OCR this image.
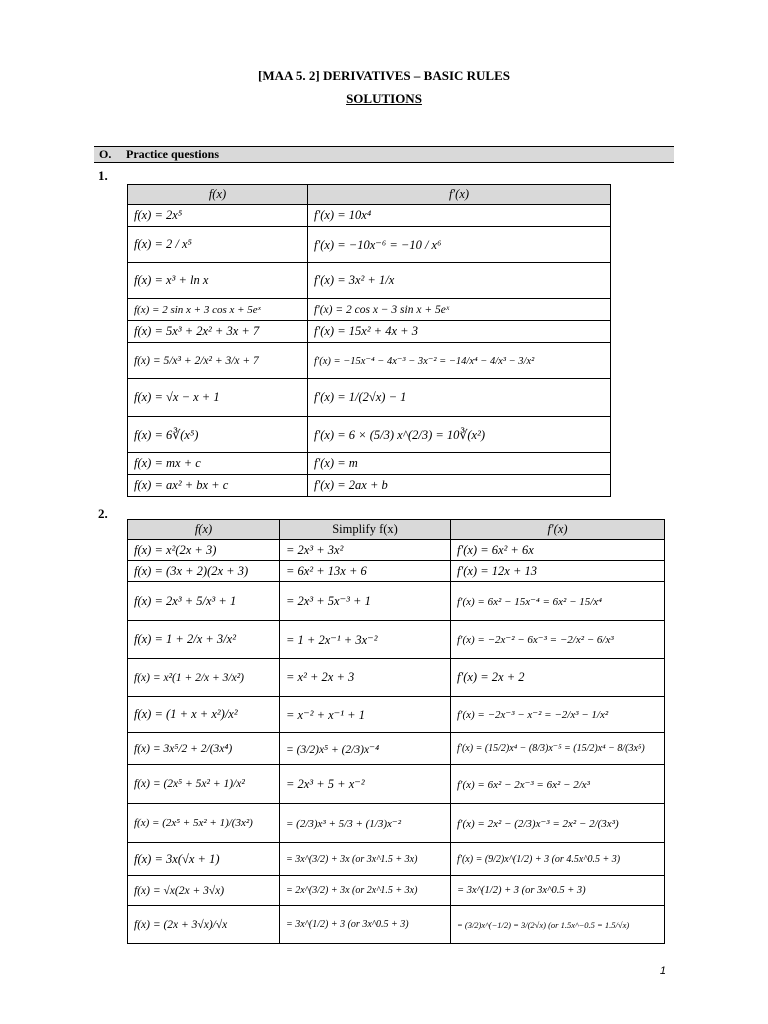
[MAA 5. 2] DERIVATIVES – BASIC RULES
SOLUTIONS
O. Practice questions
1.
f(x)	f′(x)
f(x) = 2x⁵	f′(x) = 10x⁴
f(x) = 2 / x⁵	f′(x) = −10x⁻⁶ = −10 / x⁶
f(x) = x³ + ln x	f′(x) = 3x² + 1/x
f(x) = 2 sin x + 3 cos x + 5eˣ	f′(x) = 2 cos x − 3 sin x + 5eˣ
f(x) = 5x³ + 2x² + 3x + 7	f′(x) = 15x² + 4x + 3
f(x) = 5/x³ + 2/x² + 3/x + 7	f′(x) = −15x⁻⁴ − 4x⁻³ − 3x⁻² = −14/x⁴ − 4/x³ − 3/x²
f(x) = √x − x + 1	f′(x) = 1/(2√x) − 1
f(x) = 6∛(x⁵)	f′(x) = 6 × (5/3) x^(2/3) = 10∛(x²)
f(x) = mx + c	f′(x) = m
f(x) = ax² + bx + c	f′(x) = 2ax + b
2.
f(x)	Simplify f(x)	f′(x)
f(x) = x²(2x + 3)	= 2x³ + 3x²	f′(x) = 6x² + 6x
f(x) = (3x + 2)(2x + 3)	= 6x² + 13x + 6	f′(x) = 12x + 13
f(x) = 2x³ + 5/x³ + 1	= 2x³ + 5x⁻³ + 1	f′(x) = 6x² − 15x⁻⁴ = 6x² − 15/x⁴
f(x) = 1 + 2/x + 3/x²	= 1 + 2x⁻¹ + 3x⁻²	f′(x) = −2x⁻² − 6x⁻³ = −2/x² − 6/x³
f(x) = x²(1 + 2/x + 3/x²)	= x² + 2x + 3	f′(x) = 2x + 2
f(x) = (1 + x + x²)/x²	= x⁻² + x⁻¹ + 1	f′(x) = −2x⁻³ − x⁻² = −2/x³ − 1/x²
f(x) = 3x⁵/2 + 2/(3x⁴)	= (3/2)x⁵ + (2/3)x⁻⁴	f′(x) = (15/2)x⁴ − (8/3)x⁻⁵ = (15/2)x⁴ − 8/(3x⁵)
f(x) = (2x⁵ + 5x² + 1)/x²	= 2x³ + 5 + x⁻²	f′(x) = 6x² − 2x⁻³ = 6x² − 2/x³
f(x) = (2x⁵ + 5x² + 1)/(3x²)	= (2/3)x³ + 5/3 + (1/3)x⁻²	f′(x) = 2x² − (2/3)x⁻³ = 2x² − 2/(3x³)
f(x) = 3x(√x + 1)	= 3x^(3/2) + 3x (or 3x^1.5 + 3x)	f′(x) = (9/2)x^(1/2) + 3 (or 4.5x^0.5 + 3)
f(x) = √x(2x + 3√x)	= 2x^(3/2) + 3x (or 2x^1.5 + 3x)	= 3x^(1/2) + 3 (or 3x^0.5 + 3)
f(x) = (2x + 3√x)/√x	= 3x^(1/2) + 3 (or 3x^0.5 + 3)	= (3/2)x^(−1/2) = 3/(2√x) (or 1.5x^−0.5 = 1.5/√x)
1
